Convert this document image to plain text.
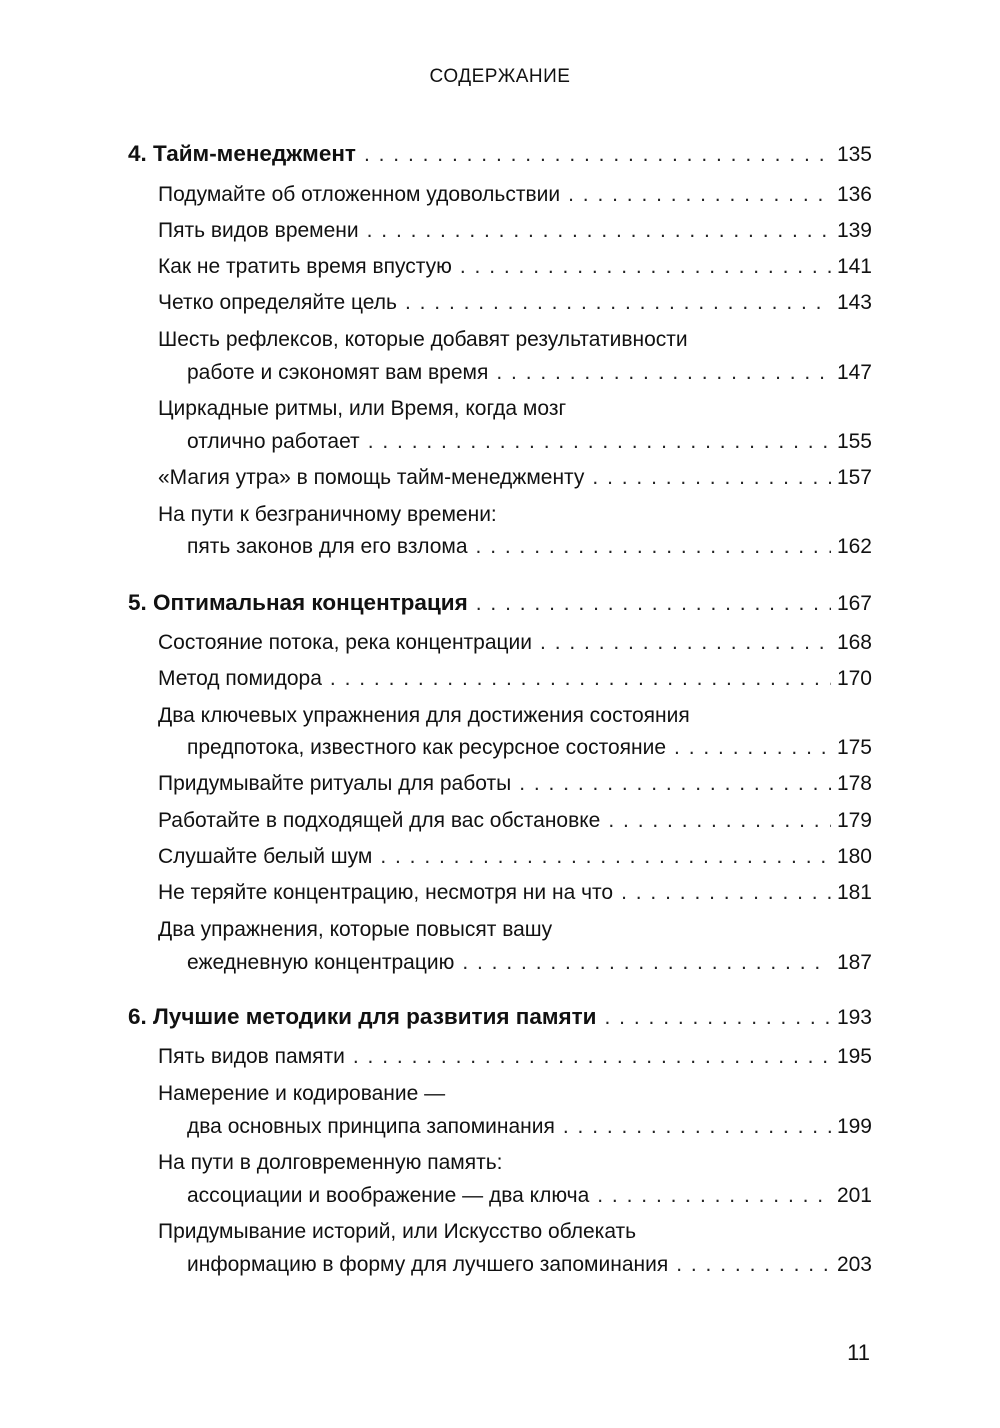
СОДЕРЖАНИЕ
4. Тайм-менеджмент . . .	135
Подумайте об отложенном удовольствии . . .	136
Пять видов времени . . .	139
Как не тратить время впустую . . .	141
Четко определяйте цель . . .	143
Шесть рефлексов, которые добавят результативности
работе и сэкономят вам время . . .	147
Циркадные ритмы, или Время, когда мозг
отлично работает . . .	155
«Магия утра» в помощь тайм-менеджменту . . .	157
На пути к безграничному времени:
пять законов для его взлома . . .	162
5. Оптимальная концентрация . . .	167
Состояние потока, река концентрации . . .	168
Метод помидора . . .	170
Два ключевых упражнения для достижения состояния
предпотока, известного как ресурсное состояние . . .	175
Придумывайте ритуалы для работы . . .	178
Работайте в подходящей для вас обстановке . . .	179
Слушайте белый шум . . .	180
Не теряйте концентрацию, несмотря ни на что . . .	181
Два упражнения, которые повысят вашу
ежедневную концентрацию . . .	187
6. Лучшие методики для развития памяти . . .	193
Пять видов памяти . . .	195
Намерение и кодирование —
два основных принципа запоминания . . .	199
На пути в долговременную память:
ассоциации и воображение — два ключа . . .	201
Придумывание историй, или Искусство облекать
информацию в форму для лучшего запоминания . . .	203
11
